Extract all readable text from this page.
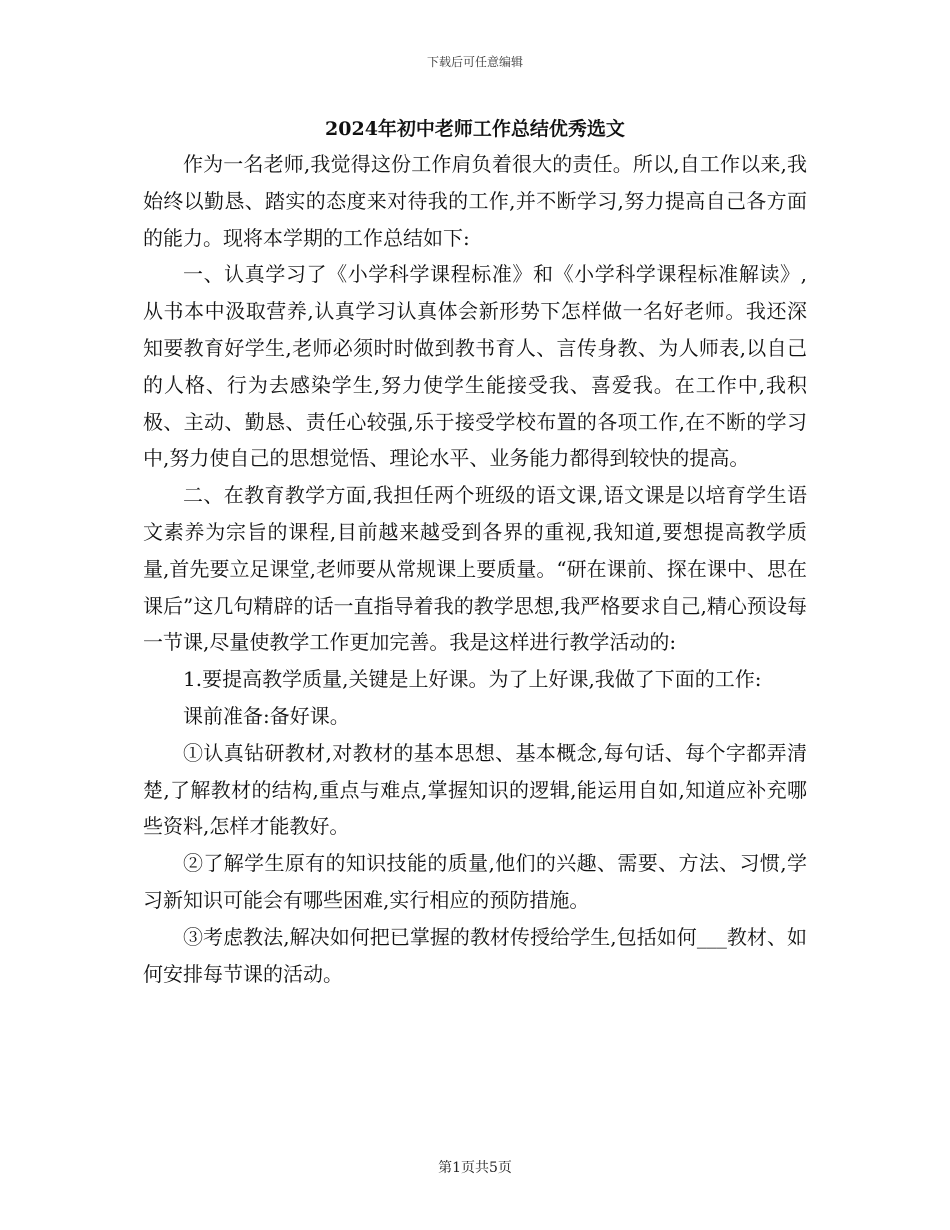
下载后可任意编辑
2024年初中老师工作总结优秀选文

作为一名老师,我觉得这份工作肩负着很大的责任。所以,自工作以来,我始终以勤恳、踏实的态度来对待我的工作,并不断学习,努力提高自己各方面的能力。现将本学期的工作总结如下:

一、认真学习了《小学科学课程标准》和《小学科学课程标准解读》,从书本中汲取营养,认真学习认真体会新形势下怎样做一名好老师。我还深知要教育好学生,老师必须时时做到教书育人、言传身教、为人师表,以自己的人格、行为去感染学生,努力使学生能接受我、喜爱我。在工作中,我积极、主动、勤恳、责任心较强,乐于接受学校布置的各项工作,在不断的学习中,努力使自己的思想觉悟、理论水平、业务能力都得到较快的提高。

二、在教育教学方面,我担任两个班级的语文课,语文课是以培育学生语文素养为宗旨的课程,目前越来越受到各界的重视,我知道,要想提高教学质量,首先要立足课堂,老师要从常规课上要质量。“研在课前、探在课中、思在课后”这几句精辟的话一直指导着我的教学思想,我严格要求自己,精心预设每一节课,尽量使教学工作更加完善。我是这样进行教学活动的:

1.要提高教学质量,关键是上好课。为了上好课,我做了下面的工作:

课前准备:备好课。

①认真钻研教材,对教材的基本思想、基本概念,每句话、每个字都弄清楚,了解教材的结构,重点与难点,掌握知识的逻辑,能运用自如,知道应补充哪些资料,怎样才能教好。

②了解学生原有的知识技能的质量,他们的兴趣、需要、方法、习惯,学习新知识可能会有哪些困难,实行相应的预防措施。

③考虑教法,解决如何把已掌握的教材传授给学生,包括如何___教材、如何安排每节课的活动。

第1页共5页
